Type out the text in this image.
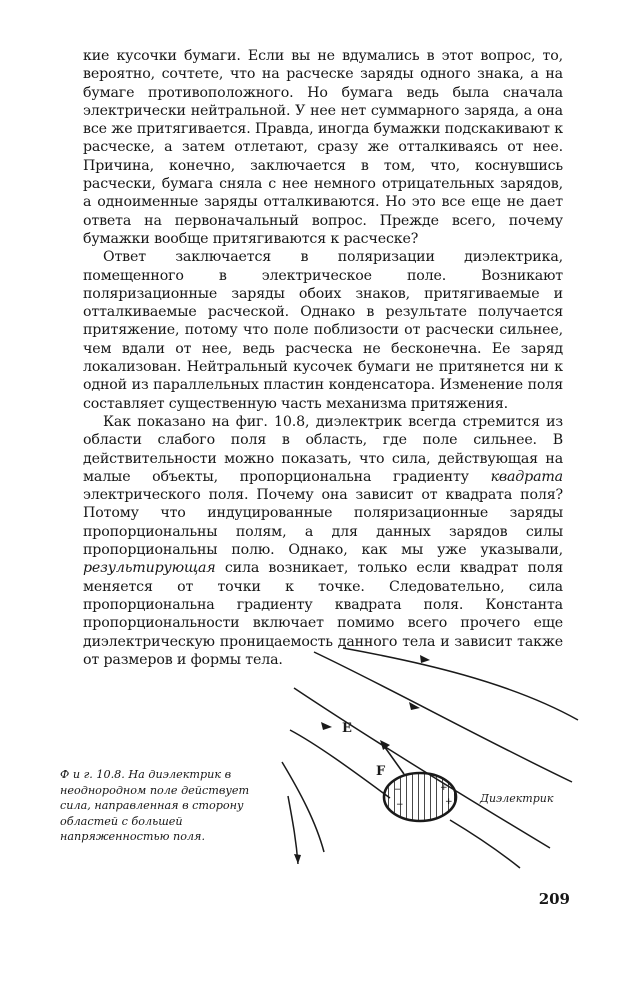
кие кусочки бумаги. Если вы не вдумались в этот вопрос, то, вероятно, сочтете, что на расческе заряды одного знака, а на бумаге противоположного. Но бумага ведь была сначала электрически нейтральной. У нее нет суммарного заряда, а она все же притягивается. Правда, иногда бумажки подскакивают к расческе, а затем отлетают, сразу же отталкиваясь от нее. Причина, конечно, заключается в том, что, коснувшись расчески, бумага сняла с нее немного отрицательных зарядов, а одноименные заряды отталкиваются. Но это все еще не дает ответа на первоначальный вопрос. Прежде всего, почему бумажки вообще притягиваются к расческе?

Ответ заключается в поляризации диэлектрика, помещенного в электрическое поле. Возникают поляризационные заряды обоих знаков, притягиваемые и отталкиваемые расческой. Однако в результате получается притяжение, потому что поле поблизости от расчески сильнее, чем вдали от нее, ведь расческа не бесконечна. Ее заряд локализован. Нейтральный кусочек бумаги не притянется ни к одной из параллельных пластин конденсатора. Изменение поля составляет существенную часть механизма притяжения.

Как показано на фиг. 10.8, диэлектрик всегда стремится из области слабого поля в область, где поле сильнее. В действительности можно показать, что сила, действующая на малые объекты, пропорциональна градиенту квадрата электрического поля. Почему она зависит от квадрата поля? Потому что индуцированные поляризационные заряды пропорциональны полям, а для данных зарядов силы пропорциональны полю. Однако, как мы уже указывали, результирующая сила возникает, только если квадрат поля меняется от точки к точке. Следовательно, сила пропорциональна градиенту квадрата поля. Константа пропорциональности включает помимо всего прочего еще диэлектрическую проницаемость данного тела и зависит также от размеров и формы тела.

Ф и г. 10.8. На диэлектрик в неоднородном поле действует сила, направленная в сторону областей с большей напряженностью поля.
−
−
+
+
E
F
Диэлектрик
209
